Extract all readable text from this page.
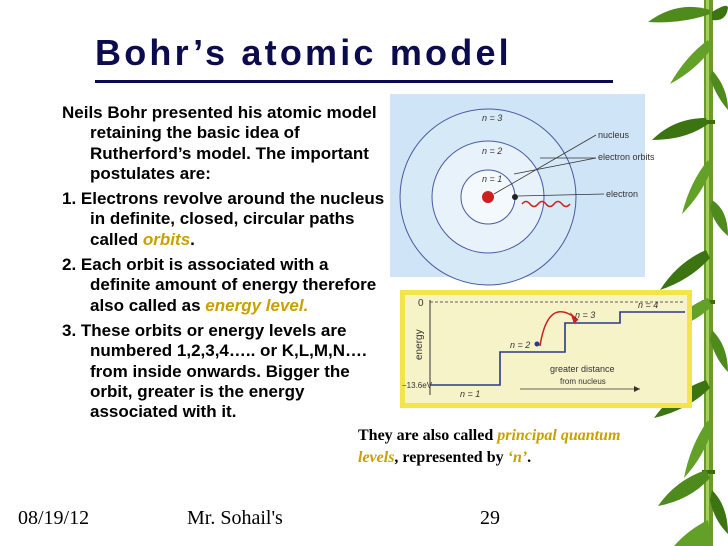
Bohr’s atomic model

Neils Bohr presented his atomic model retaining the basic idea of Rutherford’s model. The important postulates are:

1. Electrons revolve around the nucleus in definite, closed, circular paths called orbits.

2. Each orbit is associated with a definite amount of energy therefore also called as energy level.

3. These orbits or energy levels are numbered 1,2,3,4….. or K,L,M,N…. from inside onwards. Bigger the orbit, greater is the energy associated with it.

n = 3
n = 2
n = 1
nucleus
electron orbits
electron
0
energy
−13.6eV
n = 1
n = 2
n = 3
n = 4
greater distance
from nucleus
They are also called principal quantum levels, represented by ‘n’.
08/19/12	Mr. Sohail's	29
